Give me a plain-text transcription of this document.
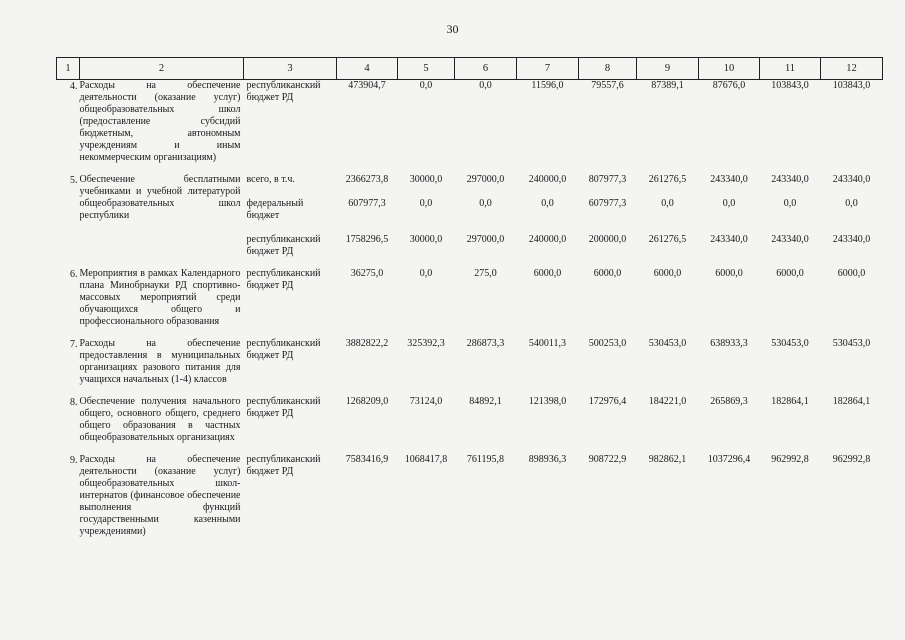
30
1	2	3	4	5	6	7	8	9	10	11	12
4.	Расходы на обеспечение деятельности (оказание услуг) общеобразовательных школ (предоставление субсидий бюджетным, автономным учреждениям и иным некоммерческим организациям)	республиканский бюджет РД	473904,7	0,0	0,0	11596,0	79557,6	87389,1	87676,0	103843,0	103843,0

5.	Обеспечение бесплатными учебниками и учебной литературой общеобразовательных школ республики	всего, в т.ч.	2366273,8	30000,0	297000,0	240000,0	807977,3	261276,5	243340,0	243340,0	243340,0
		федеральный бюджет	607977,3	0,0	0,0	0,0	607977,3	0,0	0,0	0,0	0,0
		республиканский бюджет РД	1758296,5	30000,0	297000,0	240000,0	200000,0	261276,5	243340,0	243340,0	243340,0

6.	Мероприятия в рамках Календарного плана Минобрнауки РД спортивно-массовых мероприятий среди обучающихся общего и профессионального образования	республиканский бюджет РД	36275,0	0,0	275,0	6000,0	6000,0	6000,0	6000,0	6000,0	6000,0

7.	Расходы на обеспечение предоставления в муниципальных организациях разового питания для учащихся начальных (1-4) классов	республиканский бюджет РД	3882822,2	325392,3	286873,3	540011,3	500253,0	530453,0	638933,3	530453,0	530453,0

8.	Обеспечение получения начального общего, основного общего, среднего общего образования в частных общеобразовательных организациях	республиканский бюджет РД	1268209,0	73124,0	84892,1	121398,0	172976,4	184221,0	265869,3	182864,1	182864,1

9.	Расходы на обеспечение деятельности (оказание услуг) общеобразовательных школ-интернатов (финансовое обеспечение выполнения функций государственными казенными учреждениями)	республиканский бюджет РД	7583416,9	1068417,8	761195,8	898936,3	908722,9	982862,1	1037296,4	962992,8	962992,8
